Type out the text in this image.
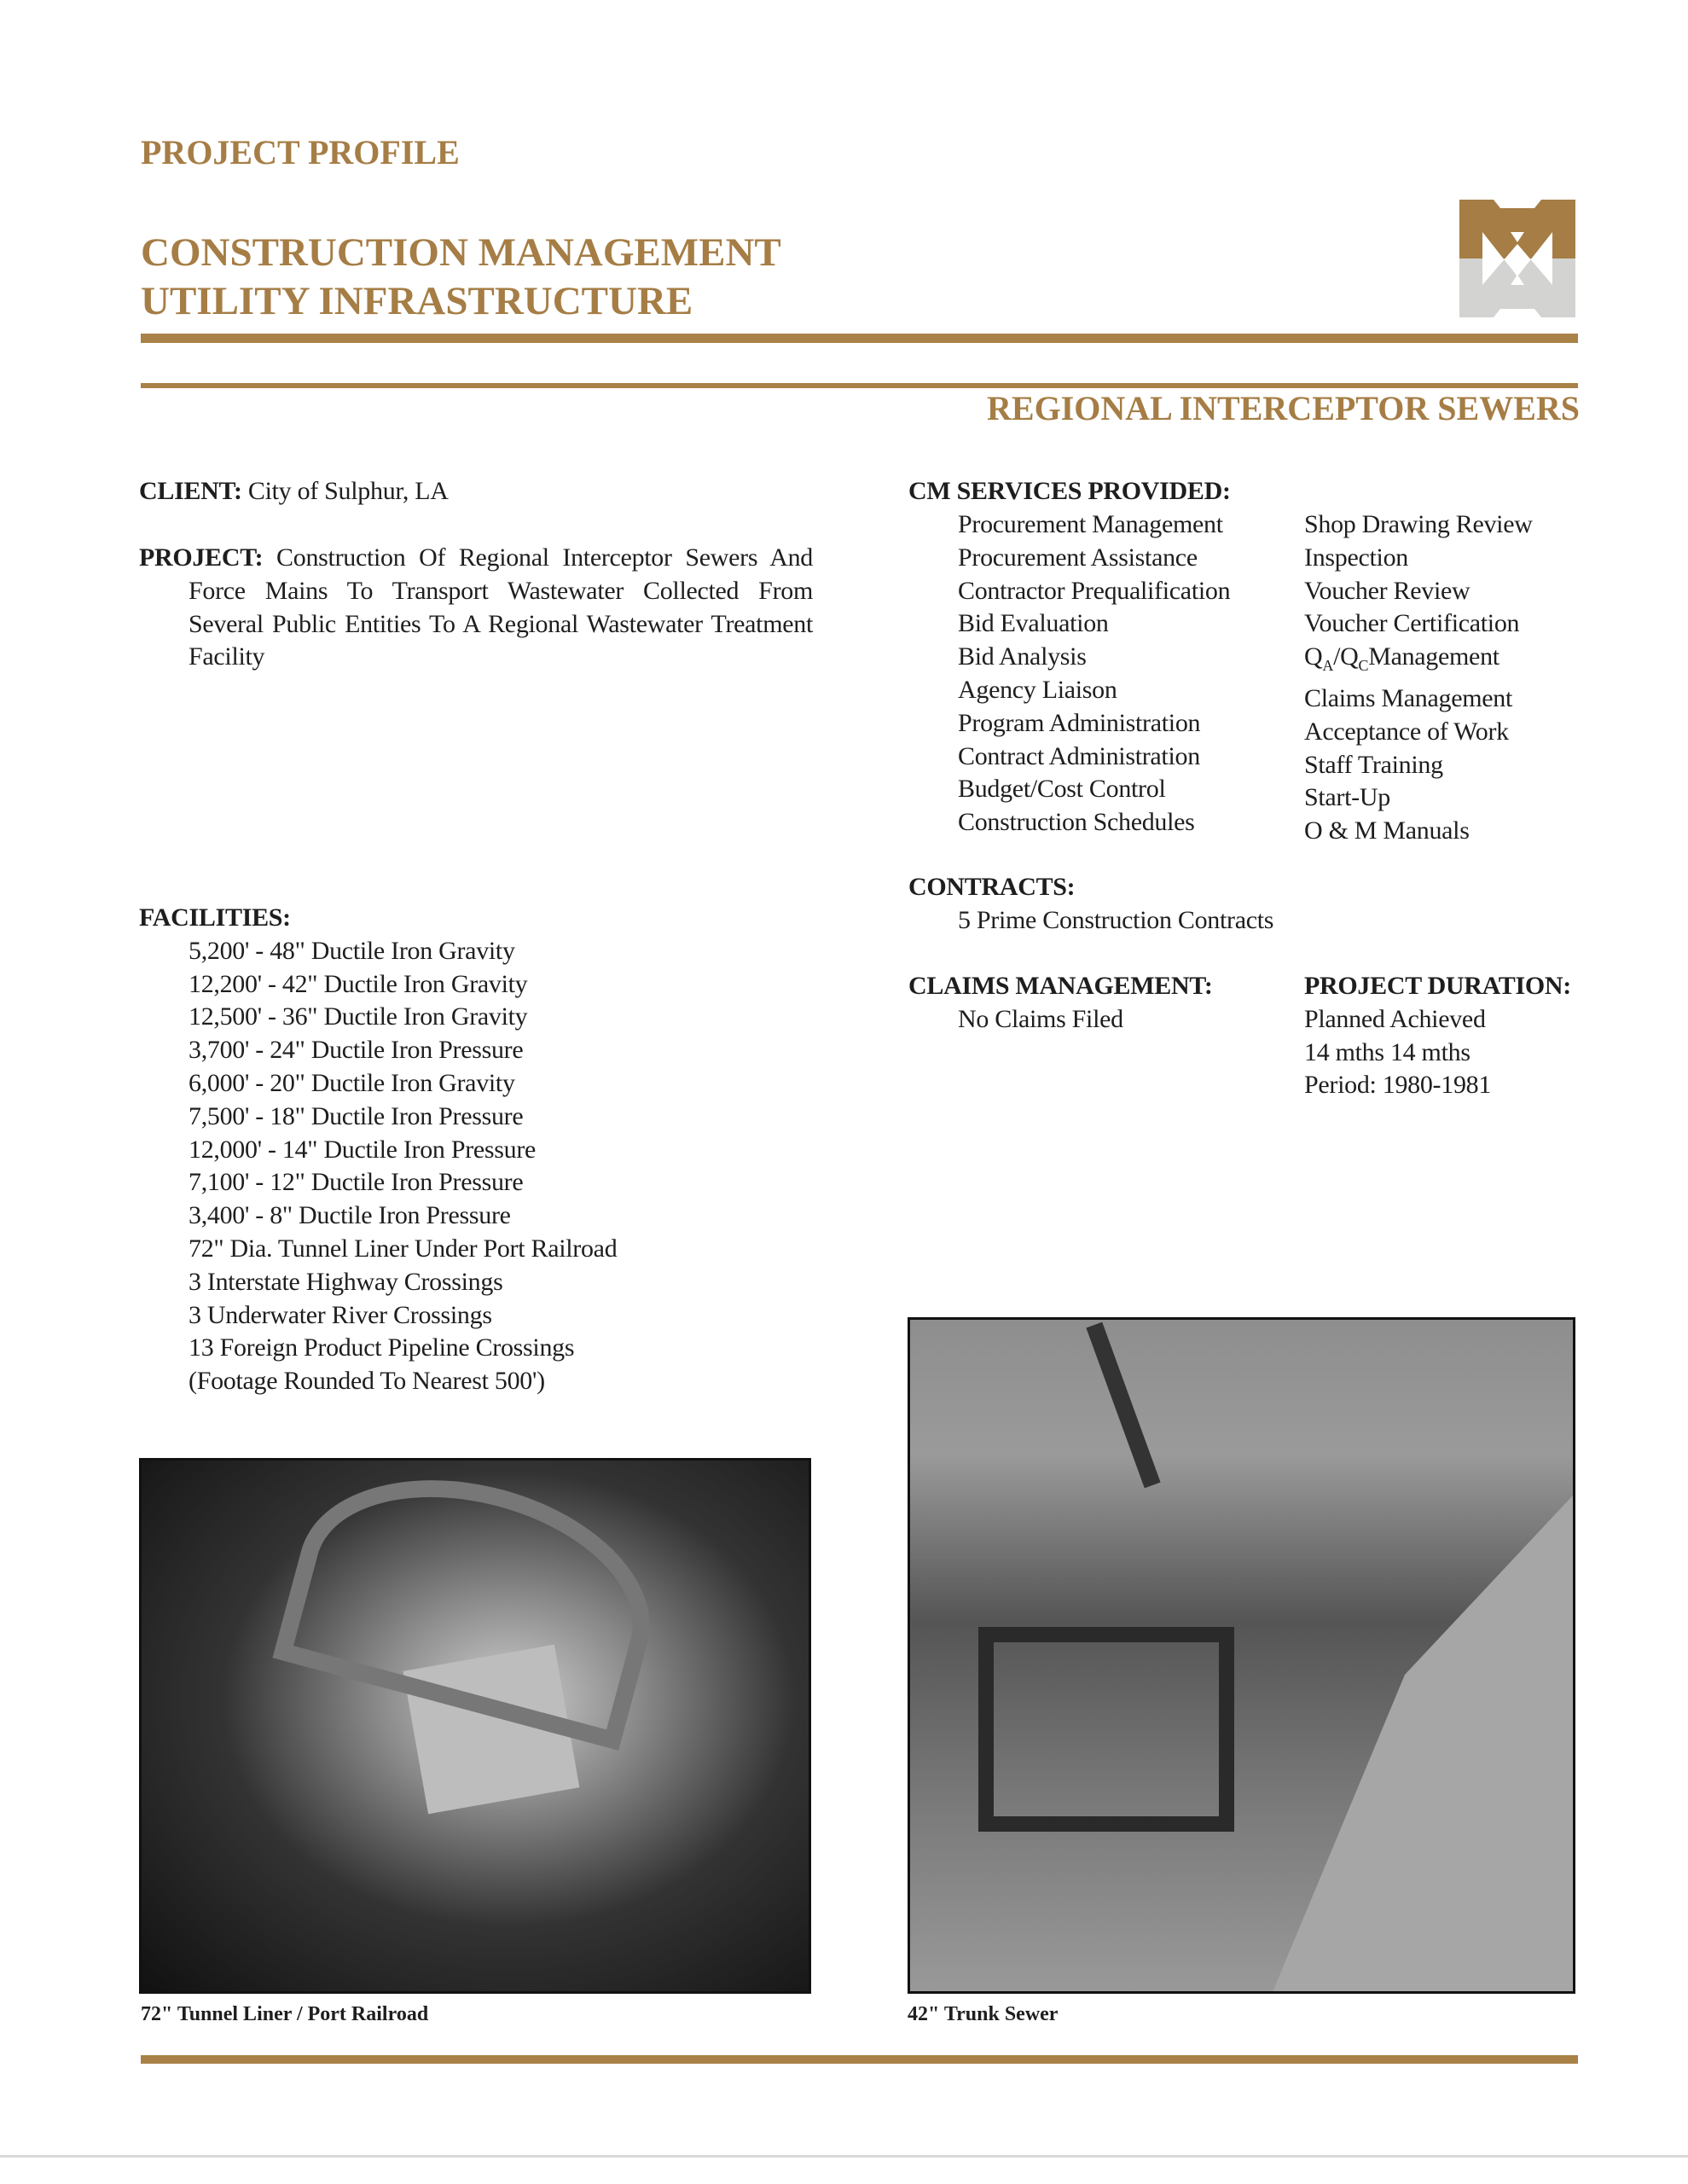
PROJECT PROFILE
CONSTRUCTION MANAGEMENT
UTILITY INFRASTRUCTURE
REGIONAL INTERCEPTOR SEWERS
CLIENT: City of Sulphur, LA
PROJECT: Construction Of Regional Interceptor Sewers And Force Mains To Transport Wastewater Collected From Several Public Entities To A Regional Wastewater Treatment Facility
FACILITIES:
5,200' - 48" Ductile Iron Gravity
12,200' - 42" Ductile Iron Gravity
12,500' - 36" Ductile Iron Gravity
3,700' - 24" Ductile Iron Pressure
6,000' - 20" Ductile Iron Gravity
7,500' - 18" Ductile Iron Pressure
12,000' - 14" Ductile Iron Pressure
7,100' - 12" Ductile Iron Pressure
3,400' - 8" Ductile Iron Pressure
72" Dia. Tunnel Liner Under Port Railroad
3 Interstate Highway Crossings
3 Underwater River Crossings
13 Foreign Product Pipeline Crossings
(Footage Rounded To Nearest 500')
CM SERVICES PROVIDED:
Procurement Management
Procurement Assistance
Contractor Prequalification
Bid Evaluation
Bid Analysis
Agency Liaison
Program Administration
Contract Administration
Budget/Cost Control
Construction Schedules
Shop Drawing Review
Inspection
Voucher Review
Voucher Certification
$Q_A/Q_CManagement$
Claims Management
Acceptance of Work
Staff Training
Start-Up
O & M Manuals
CONTRACTS:
5 Prime Construction Contracts
CLAIMS MANAGEMENT:
No Claims Filed
PROJECT DURATION:
Planned Achieved
14 mths 14 mths
Period: 1980-1981
72" Tunnel Liner / Port Railroad	42" Trunk Sewer
